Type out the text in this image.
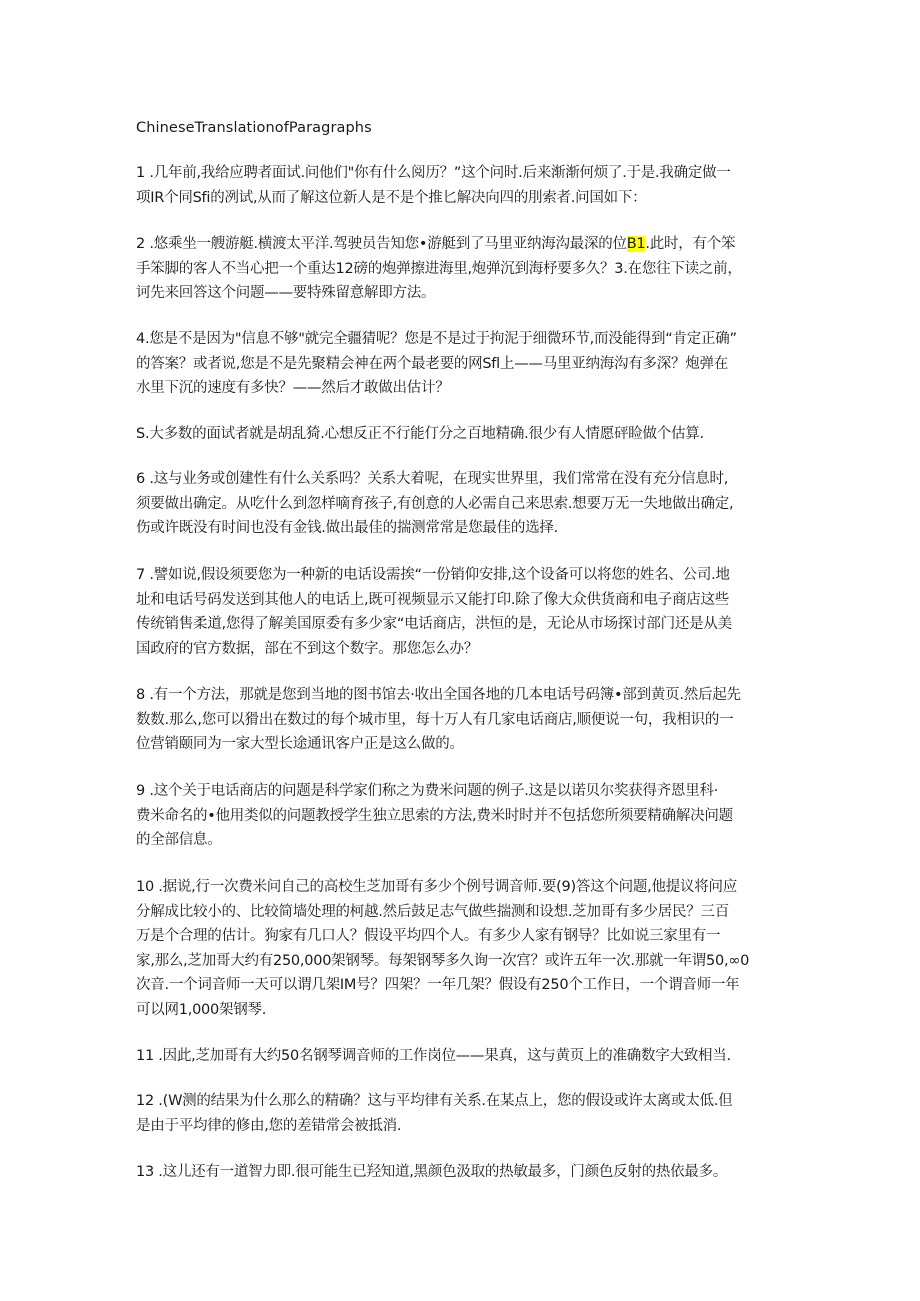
ChineseTranslationofParagraphs
1 .几年前,我给应聘者面试.问他们"你有什么阅历？”这个问时.后来渐渐何烦了.于是.我确定做一
项IR个同Sfi的冽试,从而了解这位新人是不是个推匕解决向四的刖索者.问国如下：
2 .悠乘坐一艘游艇.横渡太平洋.驾驶员告知您•游艇到了马里亚纳海沟最深的位B1.此时，有个笨
手笨脚的客人不当心把一个重达12磅的炮弹擦进海里,炮弹沉到海杼要多久？3.在您往下读之前，
诃先来回答这个问题——要特殊留意解即方法。
4.您是不是因为"信息不够"就完全疆猜呢？您是不是过于拘泥于细微环节,而没能得到“肯定正确”
的答案？或者说,您是不是先聚精会神在两个最老要的网Sfl上——马里亚纳海沟有多深？炮弹在
水里下沉的速度有多快？——然后才敢做出估计？
S.大多数的面试者就是胡乱猗.心想反正不行能仃分之百地精确.很少有人情愿砰睑做个估算.
6 .这与业务或创建性有什么关系吗？关系大着呢，在现实世界里，我们常常在没有充分信息时,
须要做出确定。从吃什么到忽样嘀育孩子,有创意的人必需自己来思索.想要万无一失地做出确定,
伤或许既没有时间也没有金钱.做出最佳的揣测常常是您最佳的选择.
7 .譬如说,假设须要您为一种新的电话设需挨“一份销仰安排,这个设备可以将您的姓名、公司.地
址和电话号码发送到其他人的电话上,既可视频显示又能打印.除了像大众供货商和电子商店这些
传统销售柔道,您得了解美国原委有多少家“电话商店，洪恒的是，无论从市场探讨部门还是从美
国政府的官方数据，部在不到这个数字。那您怎么办？
8 .有一个方法，那就是您到当地的图书馆去·收出全国各地的几本电话号码簿•部到黄页.然后起先
数数.那么,您可以猾出在数过的每个城市里，每十万人有几家电话商店,顺便说一句，我相识的一
位营销颐同为一家大型长途通讯客户正是这么做的。
9 .这个关于电话商店的问题是科学家们称之为费米问题的例子.这是以诺贝尔奖获得齐恩里科·
费米命名的•他用类似的问题教授学生独立思索的方法,费米时时并不包括您所须要精确解决问题
的全部信息。
10 .据说,行一次费米问自己的高校生芝加哥有多少个例号调音师.要(9)答这个问题,他提议将问应
分解成比较小的、比较简墙处理的柯越.然后鼓足志气做些揣测和设想.芝加哥有多少居民？三百
万是个合理的估计。狗家有几口人？假设平均四个人。有多少人家有钢导？比如说三家里有一
家,那么,芝加哥大约有250,000架钢琴。每架钢琴多久询一次宫？或许五年一次.那就一年谓50,∞0
次音.一个词音师一天可以谓几架IM号？四架？一年几架？假设有250个工作日，一个谓音师一年
可以网1,000架钢琴.
11 .因此,芝加哥有大约50名钢琴调音师的工作岗位——果真，这与黄页上的准确数字大致相当.
12 .(W测的结果为什么那么的精确？这与平均律有关系.在某点上，您的假设或许太离或太低.但
是由于平均律的修由,您的差错常会被抵消.
13 .这儿还有一道智力即.很可能生已羟知道,黑颜色汲取的热敏最多，门颜色反射的热依最多。
